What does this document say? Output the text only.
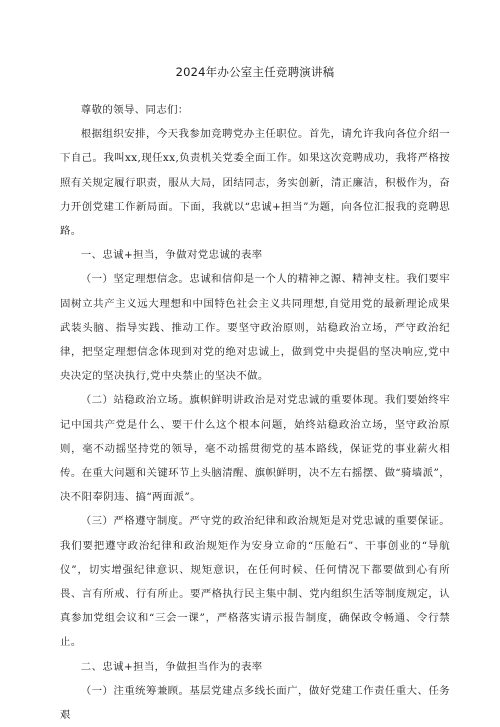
2024年办公室主任竞聘演讲稿

尊敬的领导、同志们：

根据组织安排，今天我参加竞聘党办主任职位。首先，请允许我向各位介绍一下自己。我叫xx,现任xx,负责机关党委全面工作。如果这次竞聘成功，我将严格按照有关规定履行职责，服从大局，团结同志，务实创新，清正廉洁，积极作为，奋力开创党建工作新局面。下面，我就以“忠诚+担当”为题，向各位汇报我的竞聘思路。

一、忠诚+担当，争做对党忠诚的表率

（一）坚定理想信念。忠诚和信仰是一个人的精神之源、精神支柱。我们要牢固树立共产主义远大理想和中国特色社会主义共同理想,自觉用党的最新理论成果武装头脑、指导实践、推动工作。要坚守政治原则，站稳政治立场，严守政治纪律，把坚定理想信念体现到对党的绝对忠诚上，做到党中央提倡的坚决响应,党中央决定的坚决执行,党中央禁止的坚决不做。

（二）站稳政治立场。旗帜鲜明讲政治是对党忠诚的重要体现。我们要始终牢记中国共产党是什么、要干什么这个根本问题，始终站稳政治立场，坚守政治原则，毫不动摇坚持党的领导，毫不动摇贯彻党的基本路线，保证党的事业薪火相传。在重大问题和关键环节上头脑清醒、旗帜鲜明，决不左右摇摆、做“骑墙派”，决不阳奉阴违、搞“两面派”。

（三）严格遵守制度。严守党的政治纪律和政治规矩是对党忠诚的重要保证。我们要把遵守政治纪律和政治规矩作为安身立命的“压舱石”、干事创业的“导航仪”，切实增强纪律意识、规矩意识，在任何时候、任何情况下都要做到心有所畏、言有所戒、行有所止。要严格执行民主集中制、党内组织生活等制度规定，认真参加党组会议和“三会一课”，严格落实请示报告制度，确保政令畅通、令行禁止。

二、忠诚+担当，争做担当作为的表率

（一）注重统筹兼顾。基层党建点多线长面广，做好党建工作责任重大、任务艰
